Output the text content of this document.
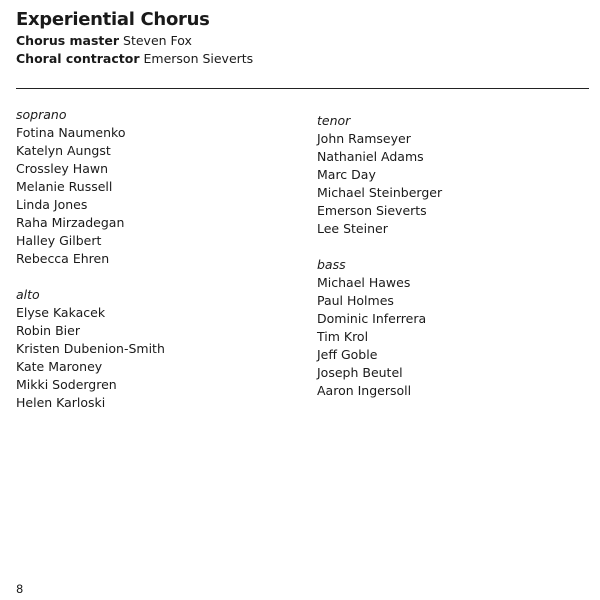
Experiential Chorus
Chorus master Steven Fox
Choral contractor Emerson Sieverts
soprano
Fotina Naumenko
Katelyn Aungst
Crossley Hawn
Melanie Russell
Linda Jones
Raha Mirzadegan
Halley Gilbert
Rebecca Ehren
alto
Elyse Kakacek
Robin Bier
Kristen Dubenion-Smith
Kate Maroney
Mikki Sodergren
Helen Karloski
tenor
John Ramseyer
Nathaniel Adams
Marc Day
Michael Steinberger
Emerson Sieverts
Lee Steiner
bass
Michael Hawes
Paul Holmes
Dominic Inferrera
Tim Krol
Jeff Goble
Joseph Beutel
Aaron Ingersoll
8
